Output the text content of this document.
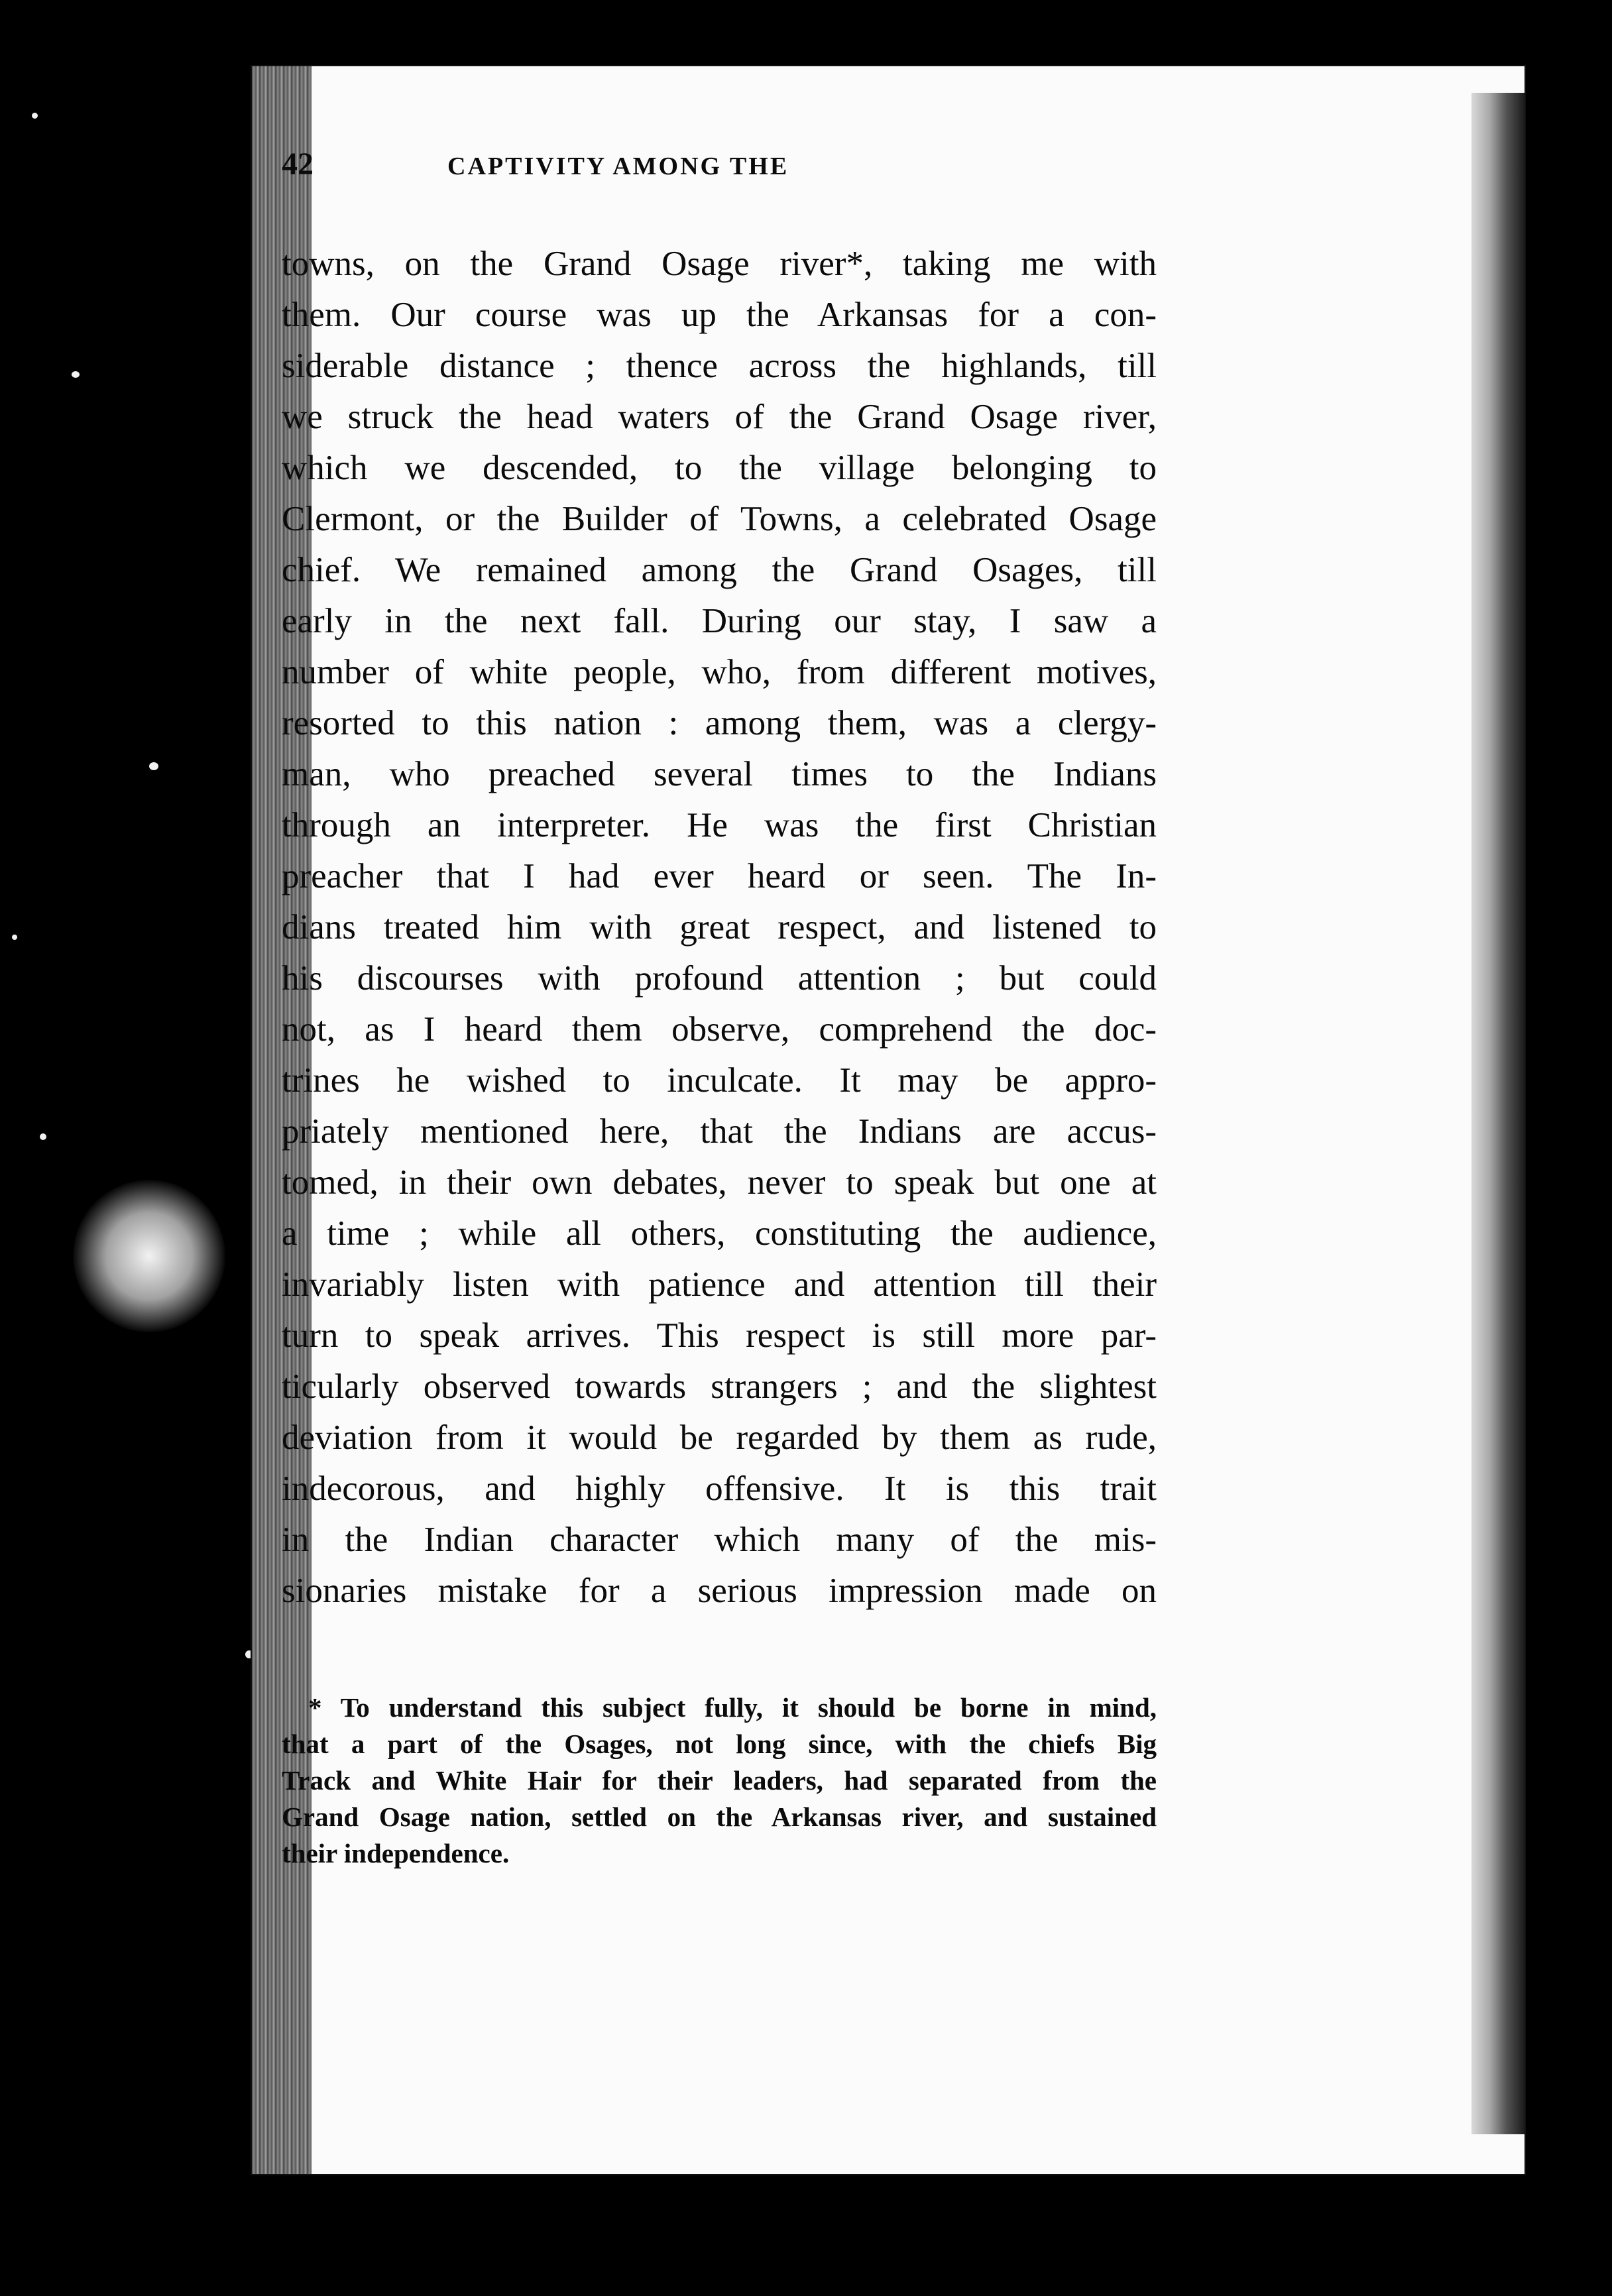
42	CAPTIVITY AMONG THE
towns, on the Grand Osage river*, taking me with
them. Our course was up the Arkansas for a con-
siderable distance ; thence across the highlands, till
we struck the head waters of the Grand Osage river,
which we descended, to the village belonging to
Clermont, or the Builder of Towns, a celebrated Osage
chief. We remained among the Grand Osages, till
early in the next fall. During our stay, I saw a
number of white people, who, from different motives,
resorted to this nation : among them, was a clergy-
man, who preached several times to the Indians
through an interpreter. He was the first Christian
preacher that I had ever heard or seen. The In-
dians treated him with great respect, and listened to
his discourses with profound attention ; but could
not, as I heard them observe, comprehend the doc-
trines he wished to inculcate. It may be appro-
priately mentioned here, that the Indians are accus-
tomed, in their own debates, never to speak but one at
a time ; while all others, constituting the audience,
invariably listen with patience and attention till their
turn to speak arrives. This respect is still more par-
ticularly observed towards strangers ; and the slightest
deviation from it would be regarded by them as rude,
indecorous, and highly offensive. It is this trait
in the Indian character which many of the mis-
sionaries mistake for a serious impression made on
* To understand this subject fully, it should be borne in mind,
that a part of the Osages, not long since, with the chiefs Big
Track and White Hair for their leaders, had separated from the
Grand Osage nation, settled on the Arkansas river, and sustained
their independence.
